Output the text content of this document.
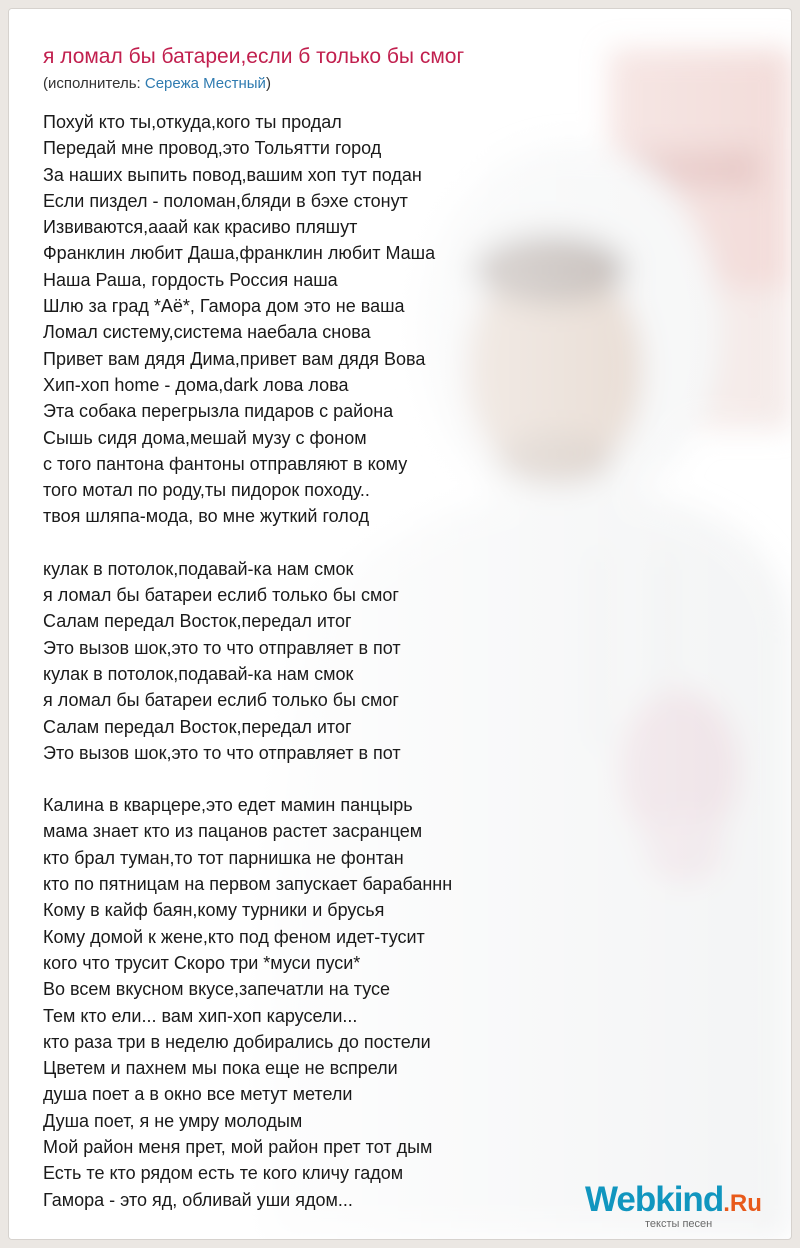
я ломал бы батареи,если б только бы смог
(исполнитель: Сережа Местный)
Похуй кто ты,откуда,кого ты продал
Передай мне провод,это Тольятти город
За наших выпить повод,вашим хоп тут подан
Если пиздел - поломан,бляди в бэхе стонут
Извиваются,ааай как красиво пляшут
Франклин любит Даша,франклин любит Маша
Наша Раша, гордость Россия наша
Шлю за град *Аё*, Гамора дом это не ваша
Ломал систему,система наебала снова
Привет вам дядя Дима,привет вам дядя Вова
Хип-хоп home - дома,dark лова лова
Эта собака перегрызла пидаров с района
Сышь сидя дома,мешай музу с фоном
с того пантона фантоны отправляют в кому
того мотал по роду,ты пидорок походу..
твоя шляпа-мода, во мне жуткий голод
кулак в потолок,подавай-ка нам смок
я ломал бы батареи еслиб только бы смог
Салам передал Восток,передал итог
Это вызов шок,это то что отправляет в пот
кулак в потолок,подавай-ка нам смок
я ломал бы батареи еслиб только бы смог
Салам передал Восток,передал итог
Это вызов шок,это то что отправляет в пот
Калина в кварцере,это едет мамин панцырь
мама знает кто из пацанов растет засранцем
кто брал туман,то тот парнишка не фонтан
кто по пятницам на первом запускает барабаннн
Кому в кайф баян,кому турники и брусья
Кому домой к жене,кто под феном идет-тусит
кого что трусит Скоро три *муси пуси*
Во всем вкусном вкусе,запечатли на тусе
Тем кто ели... вам хип-хоп карусели...
кто раза три в неделю добирались до постели
Цветем и пахнем мы пока еще не вспрели
душа поет а в окно все метут метели
Душа поет, я не умру молодым
Мой район меня прет, мой район прет тот дым
Есть те кто рядом есть те кого кличу гадом
Гамора - это яд, обливай уши ядом...	Webkind.Ru
тексты песен
